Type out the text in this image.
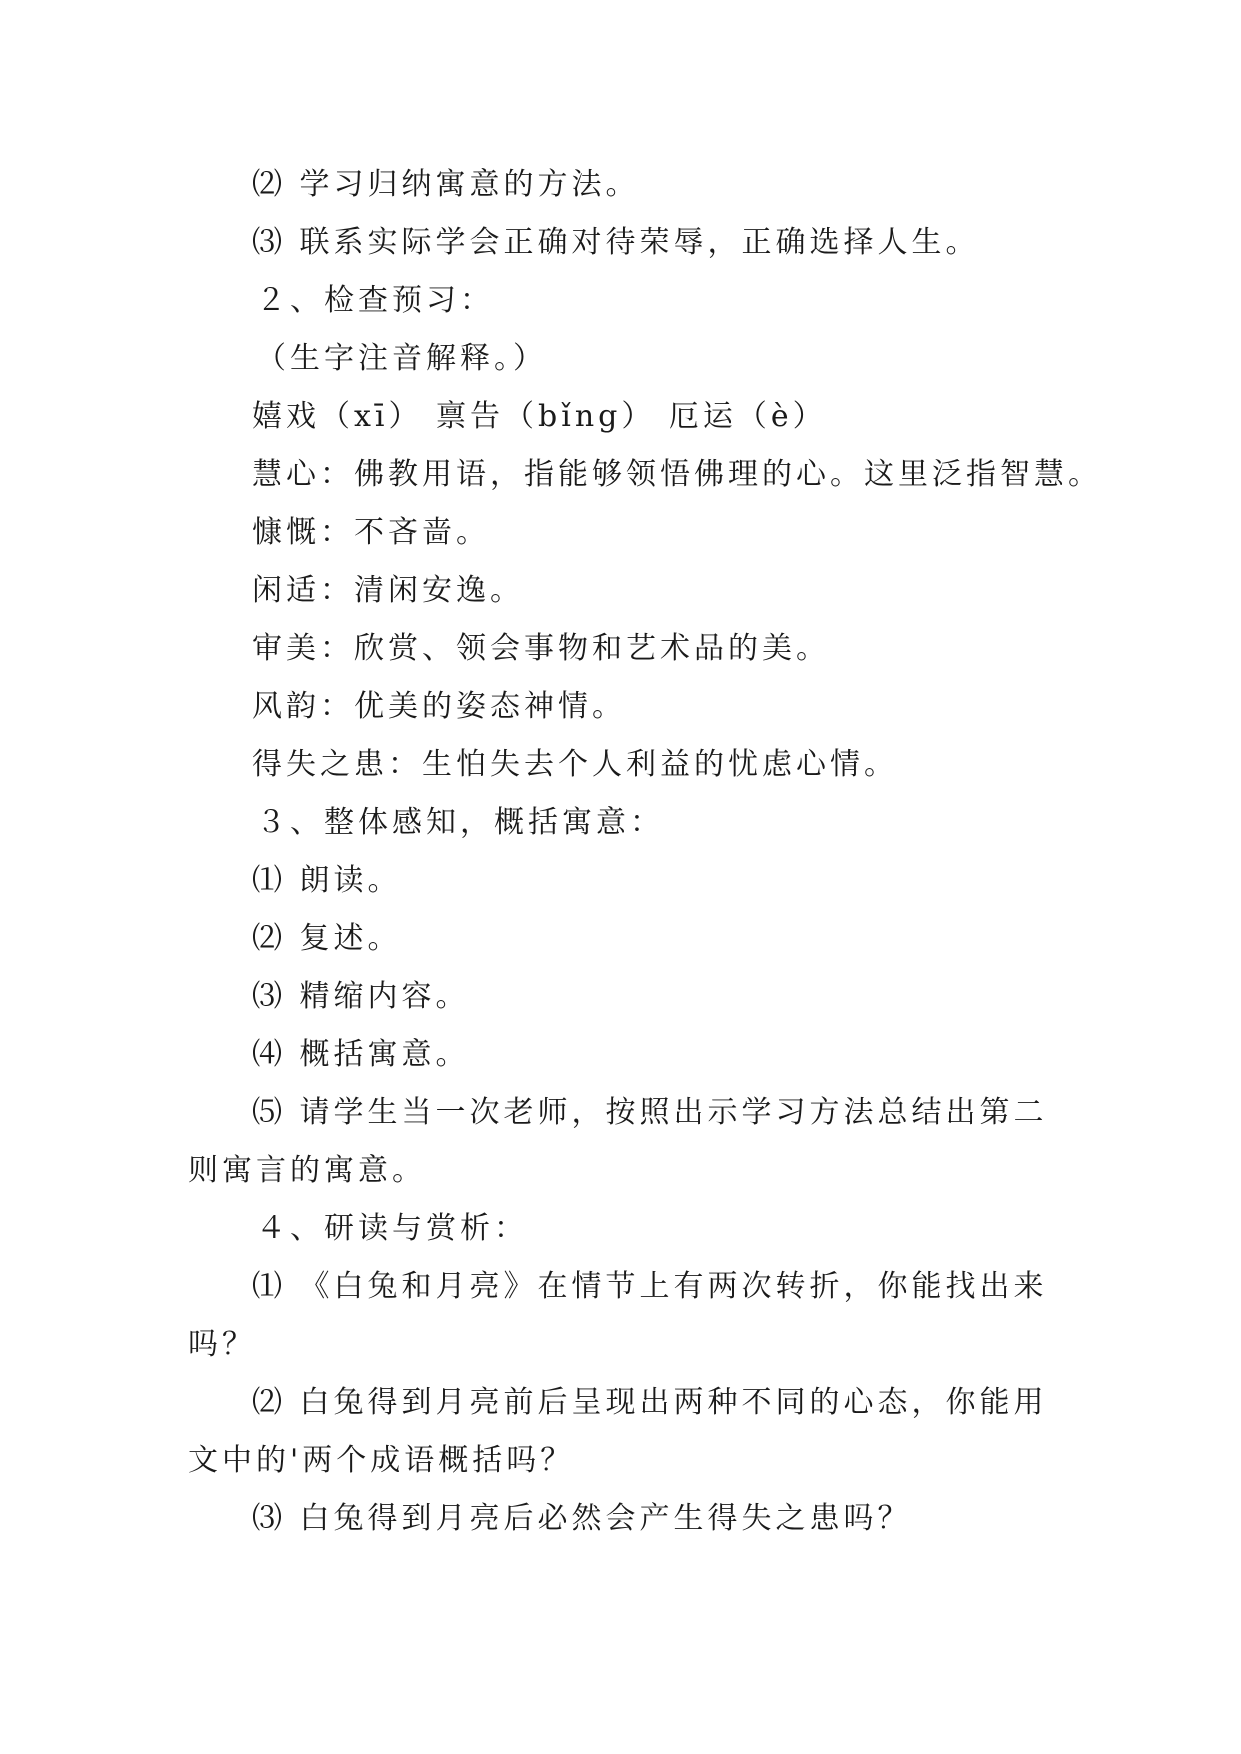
⑵ 学习归纳寓意的方法。
⑶ 联系实际学会正确对待荣辱，正确选择人生。
２、检查预习：
（生字注音解释。）
嬉戏（xī） 禀告（bǐng） 厄运（è）
慧心：佛教用语，指能够领悟佛理的心。这里泛指智慧。
慷慨：不吝啬。
闲适：清闲安逸。
审美：欣赏、领会事物和艺术品的美。
风韵：优美的姿态神情。
得失之患：生怕失去个人利益的忧虑心情。
３、整体感知，概括寓意：
⑴ 朗读。
⑵ 复述。
⑶ 精缩内容。
⑷ 概括寓意。
⑸ 请学生当一次老师，按照出示学习方法总结出第二
则寓言的寓意。
４、研读与赏析：
⑴ 《白兔和月亮》在情节上有两次转折，你能找出来
吗？
⑵ 白兔得到月亮前后呈现出两种不同的心态，你能用
文中的'两个成语概括吗？
⑶ 白兔得到月亮后必然会产生得失之患吗？
